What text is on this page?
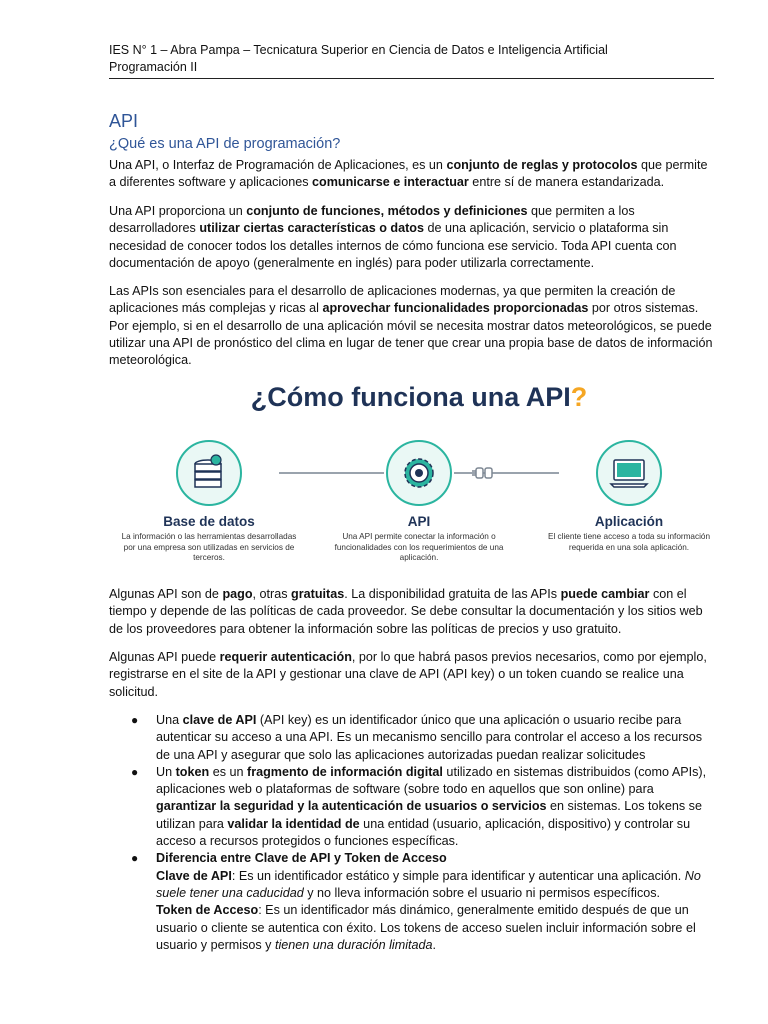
IES N° 1 – Abra Pampa – Tecnicatura Superior en Ciencia de Datos e Inteligencia Artificial
Programación II
API
¿Qué es una API de programación?

Una API, o Interfaz de Programación de Aplicaciones, es un conjunto de reglas y protocolos que permite a diferentes software y aplicaciones comunicarse e interactuar entre sí de manera estandarizada.

Una API proporciona un conjunto de funciones, métodos y definiciones que permiten a los desarrolladores utilizar ciertas características o datos de una aplicación, servicio o plataforma sin necesidad de conocer todos los detalles internos de cómo funciona ese servicio. Toda API cuenta con documentación de apoyo (generalmente en inglés) para poder utilizarla correctamente.

Las APIs son esenciales para el desarrollo de aplicaciones modernas, ya que permiten la creación de aplicaciones más complejas y ricas al aprovechar funcionalidades proporcionadas por otros sistemas. Por ejemplo, si en el desarrollo de una aplicación móvil se necesita mostrar datos meteorológicos, se puede utilizar una API de pronóstico del clima en lugar de tener que crear una propia base de datos de información meteorológica.

¿Cómo funciona una API?
Base de datos
La información o las herramientas desarrolladas por una empresa son utilizadas en servicios de terceros.
API
Una API permite conectar la información o funcionalidades con los requerimientos de una aplicación.
Aplicación
El cliente tiene acceso a toda su información requerida en una sola aplicación.

Algunas API son de pago, otras gratuitas. La disponibilidad gratuita de las APIs puede cambiar con el tiempo y depende de las políticas de cada proveedor. Se debe consultar la documentación y los sitios web de los proveedores para obtener la información sobre las políticas de precios y uso gratuito.

Algunas API puede requerir autenticación, por lo que habrá pasos previos necesarios, como por ejemplo, registrarse en el site de la API y gestionar una clave de API (API key) o un token cuando se realice una solicitud.

● Una clave de API (API key) es un identificador único que una aplicación o usuario recibe para autenticar su acceso a una API. Es un mecanismo sencillo para controlar el acceso a los recursos de una API y asegurar que solo las aplicaciones autorizadas puedan realizar solicitudes
● Un token es un fragmento de información digital utilizado en sistemas distribuidos (como APIs), aplicaciones web o plataformas de software (sobre todo en aquellos que son online) para garantizar la seguridad y la autenticación de usuarios o servicios en sistemas. Los tokens se utilizan para validar la identidad de una entidad (usuario, aplicación, dispositivo) y controlar su acceso a recursos protegidos o funciones específicas.
● Diferencia entre Clave de API y Token de Acceso
Clave de API: Es un identificador estático y simple para identificar y autenticar una aplicación. No suele tener una caducidad y no lleva información sobre el usuario ni permisos específicos.
Token de Acceso: Es un identificador más dinámico, generalmente emitido después de que un usuario o cliente se autentica con éxito. Los tokens de acceso suelen incluir información sobre el usuario y permisos y tienen una duración limitada.
